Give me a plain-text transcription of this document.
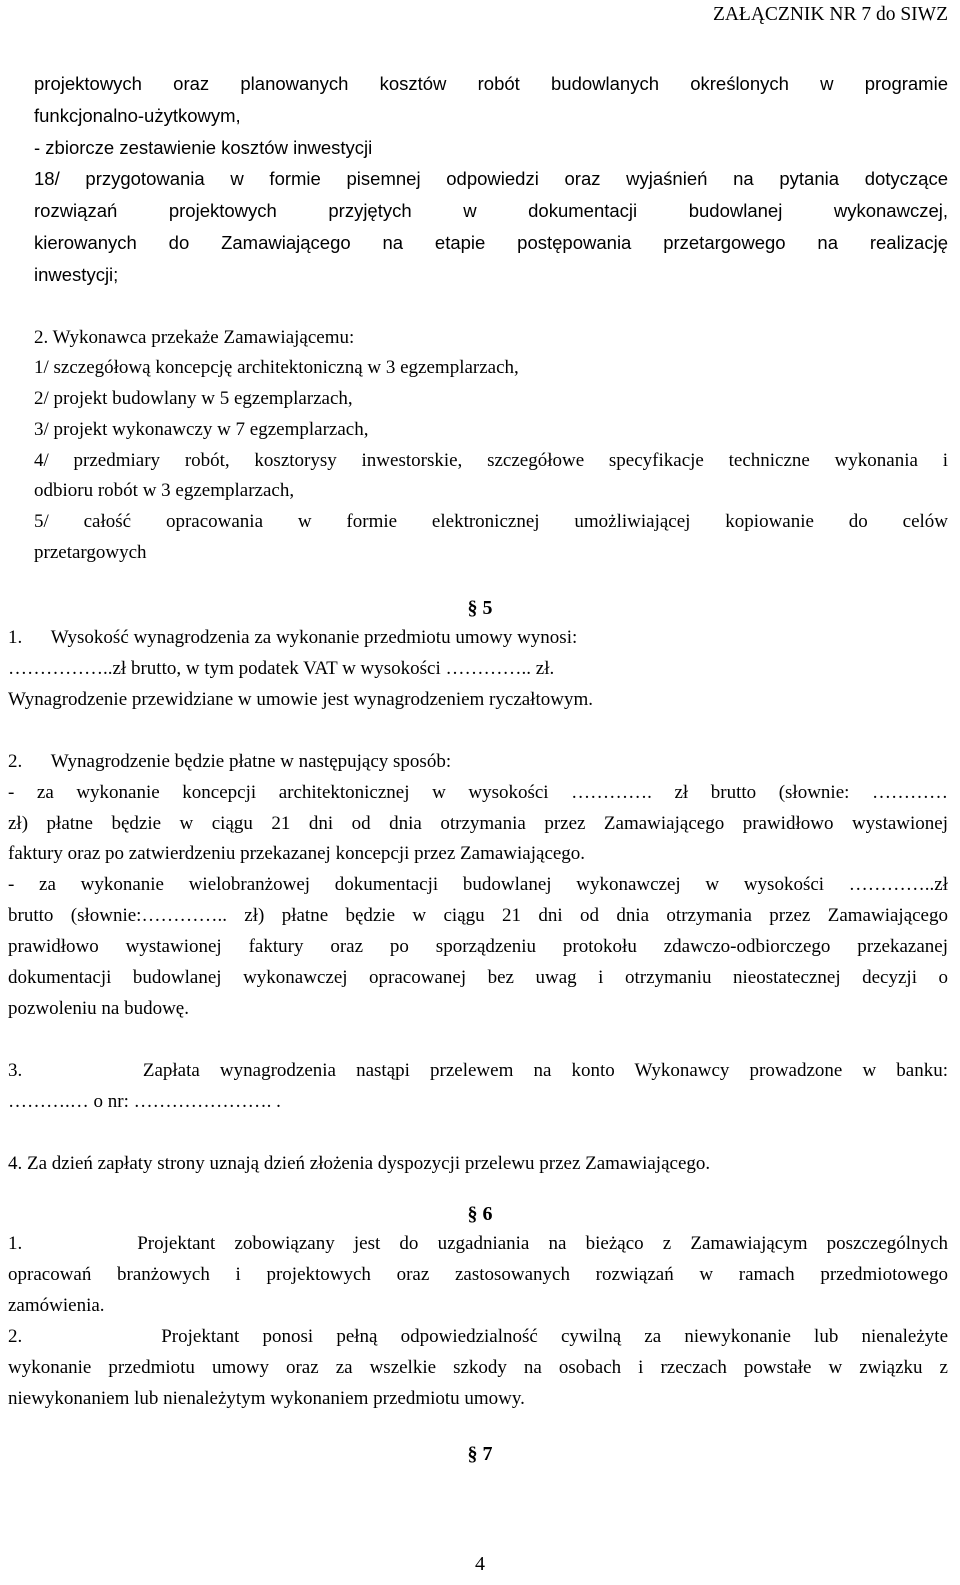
ZAŁĄCZNIK NR 7 do SIWZ
projektowych oraz planowanych kosztów robót budowlanych określonych w programie
funkcjonalno-użytkowym,
- zbiorcze zestawienie kosztów inwestycji
18/ przygotowania w formie pisemnej odpowiedzi oraz wyjaśnień na pytania dotyczące
rozwiązań projektowych przyjętych w dokumentacji budowlanej wykonawczej,
kierowanych do Zamawiającego na etapie postępowania przetargowego na realizację
inwestycji;
2. Wykonawca przekaże Zamawiającemu:
1/ szczegółową koncepcję architektoniczną w 3 egzemplarzach,
2/ projekt budowlany w 5 egzemplarzach,
3/ projekt wykonawczy w 7 egzemplarzach,
4/ przedmiary robót, kosztorysy inwestorskie, szczegółowe specyfikacje techniczne wykonania i
odbioru robót w 3 egzemplarzach,
5/ całość opracowania w formie elektronicznej umożliwiającej kopiowanie do celów
przetargowych
1.      Wysokość wynagrodzenia za wykonanie przedmiotu umowy wynosi:
……………..zł brutto, w tym podatek VAT w wysokości ………….. zł.
Wynagrodzenie przewidziane w umowie jest wynagrodzeniem ryczałtowym.
2.      Wynagrodzenie będzie płatne w następujący sposób:
- za wykonanie koncepcji architektonicznej w wysokości …………. zł brutto (słownie: …………
zł) płatne będzie w ciągu 21 dni od dnia otrzymania przez Zamawiającego prawidłowo wystawionej
faktury oraz po zatwierdzeniu przekazanej koncepcji przez Zamawiającego.
- za wykonanie wielobranżowej dokumentacji budowlanej wykonawczej w wysokości …………..zł
brutto (słownie:………….. zł) płatne będzie w ciągu 21 dni od dnia otrzymania przez Zamawiającego
prawidłowo wystawionej faktury oraz po sporządzeniu protokołu zdawczo-odbiorczego przekazanej
dokumentacji budowlanej wykonawczej opracowanej bez uwag i otrzymaniu nieostatecznej decyzji o
pozwoleniu na budowę.
3.      Zapłata wynagrodzenia nastąpi przelewem na konto Wykonawcy prowadzone w banku:
……….… o nr: …………………. .
4. Za dzień zapłaty strony uznają dzień złożenia dyspozycji przelewu przez Zamawiającego.
1.      Projektant zobowiązany jest do uzgadniania na bieżąco z Zamawiającym poszczególnych
opracowań branżowych i projektowych oraz zastosowanych rozwiązań w ramach przedmiotowego
zamówienia.
2.      Projektant ponosi pełną odpowiedzialność cywilną za niewykonanie lub nienależyte
wykonanie przedmiotu umowy oraz za wszelkie szkody na osobach i rzeczach powstałe w związku z
niewykonaniem lub nienależytym wykonaniem przedmiotu umowy.
§ 5
§ 6
§ 7
4
